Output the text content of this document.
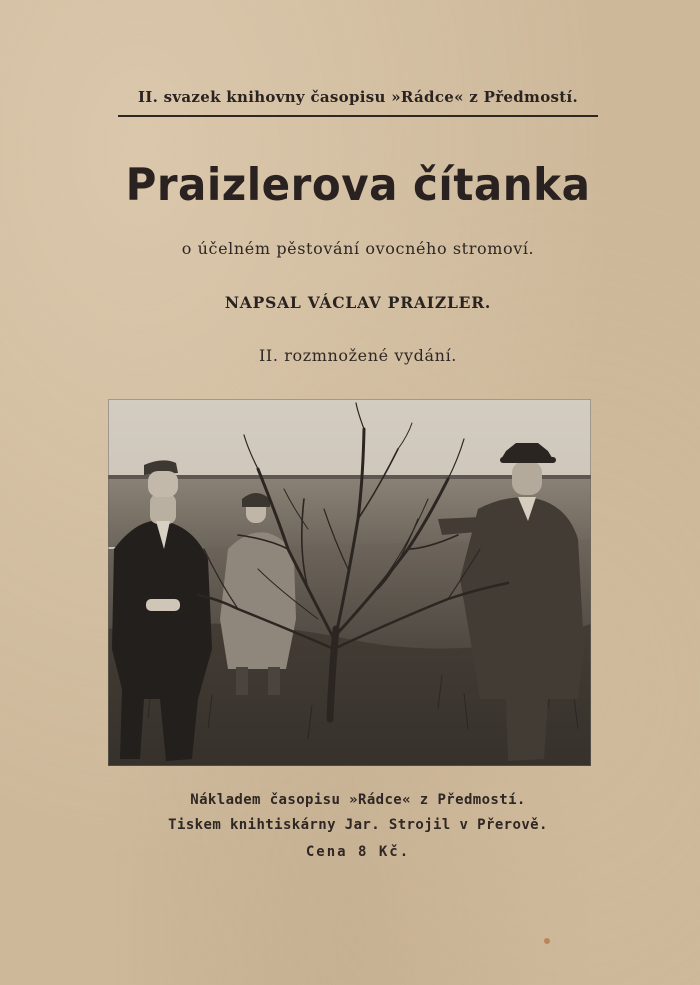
II. svazek knihovny časopisu »Rádce« z Předmostí.
Praizlerova čítanka
o účelném pěstování ovocného stromoví.
NAPSAL VÁCLAV PRAIZLER.
II. rozmnožené vydání.
Nákladem časopisu »Rádce« z Předmostí.
Tiskem knihtiskárny Jar. Strojil v Přerově.
Cena 8 Kč.
